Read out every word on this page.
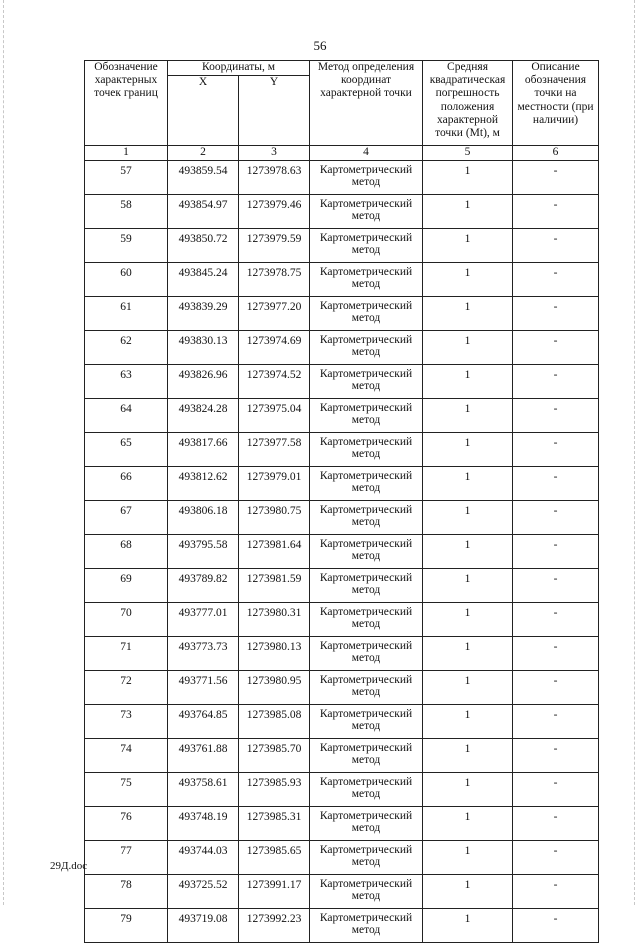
56
Обозначение характерных точек границ	Координаты, м		Метод определения координат характерной точки	Средняя квадратическая погрешность положения характерной точки (Mt), м	Описание обозначения точки на местности (при наличии)
	X	Y			
1	2	3	4	5	6
57	493859.54	1273978.63	Картометрический метод	1	-
58	493854.97	1273979.46	Картометрический метод	1	-
59	493850.72	1273979.59	Картометрический метод	1	-
60	493845.24	1273978.75	Картометрический метод	1	-
61	493839.29	1273977.20	Картометрический метод	1	-
62	493830.13	1273974.69	Картометрический метод	1	-
63	493826.96	1273974.52	Картометрический метод	1	-
64	493824.28	1273975.04	Картометрический метод	1	-
65	493817.66	1273977.58	Картометрический метод	1	-
66	493812.62	1273979.01	Картометрический метод	1	-
67	493806.18	1273980.75	Картометрический метод	1	-
68	493795.58	1273981.64	Картометрический метод	1	-
69	493789.82	1273981.59	Картометрический метод	1	-
70	493777.01	1273980.31	Картометрический метод	1	-
71	493773.73	1273980.13	Картометрический метод	1	-
72	493771.56	1273980.95	Картометрический метод	1	-
73	493764.85	1273985.08	Картометрический метод	1	-
74	493761.88	1273985.70	Картометрический метод	1	-
75	493758.61	1273985.93	Картометрический метод	1	-
76	493748.19	1273985.31	Картометрический метод	1	-
77	493744.03	1273985.65	Картометрический метод	1	-
78	493725.52	1273991.17	Картометрический метод	1	-
79	493719.08	1273992.23	Картометрический метод	1	-
29Д.doc
